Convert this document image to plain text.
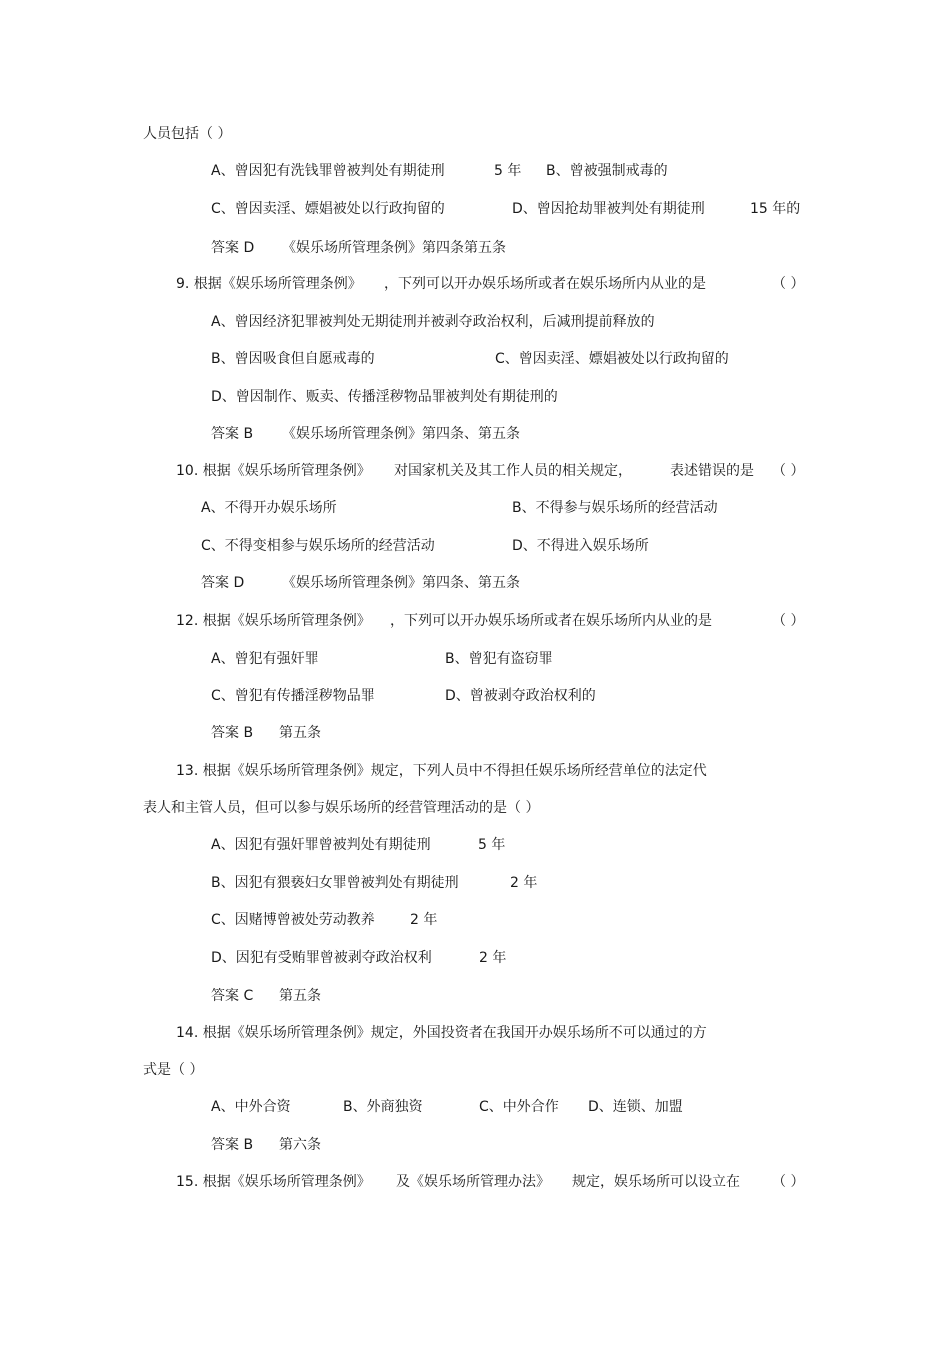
人员包括（ ）
A、曾因犯有洗钱罪曾被判处有期徒刑	5 年 B、曾被强制戒毒的
C、曾因卖淫、嫖娼被处以行政拘留的	D、曾因抢劫罪被判处有期徒刑	15 年的
答案 D 《娱乐场所管理条例》第四条第五条
9. 根据《娱乐场所管理条例》 ，下列可以开办娱乐场所或者在娱乐场所内从业的是	（ ）
A、曾因经济犯罪被判处无期徒刑并被剥夺政治权利，后减刑提前释放的
B、曾因吸食但自愿戒毒的	C、曾因卖淫、嫖娼被处以行政拘留的
D、曾因制作、贩卖、传播淫秽物品罪被判处有期徒刑的
答案 B 《娱乐场所管理条例》第四条、第五条
10. 根据《娱乐场所管理条例》 对国家机关及其工作人员的相关规定，	表述错误的是 （ ）
A、不得开办娱乐场所	B、不得参与娱乐场所的经营活动
C、不得变相参与娱乐场所的经营活动	D、不得进入娱乐场所
答案 D	《娱乐场所管理条例》第四条、第五条
12. 根据《娱乐场所管理条例》 ，下列可以开办娱乐场所或者在娱乐场所内从业的是	（ ）
A、曾犯有强奸罪	B、曾犯有盗窃罪
C、曾犯有传播淫秽物品罪	D、曾被剥夺政治权利的
答案 B 第五条
13. 根据《娱乐场所管理条例》规定，下列人员中不得担任娱乐场所经营单位的法定代
表人和主管人员，但可以参与娱乐场所的经营管理活动的是（ ）
A、因犯有强奸罪曾被判处有期徒刑	5 年
B、因犯有猥亵妇女罪曾被判处有期徒刑	2 年
C、因赌博曾被处劳动教养	2 年
D、因犯有受贿罪曾被剥夺政治权利	2 年
答案 C 第五条
14. 根据《娱乐场所管理条例》规定，外国投资者在我国开办娱乐场所不可以通过的方
式是（ ）
A、中外合资	B、外商独资	C、中外合作 D、连锁、加盟
答案 B 第六条
15. 根据《娱乐场所管理条例》 及《娱乐场所管理办法》 规定，娱乐场所可以设立在 （ ）
